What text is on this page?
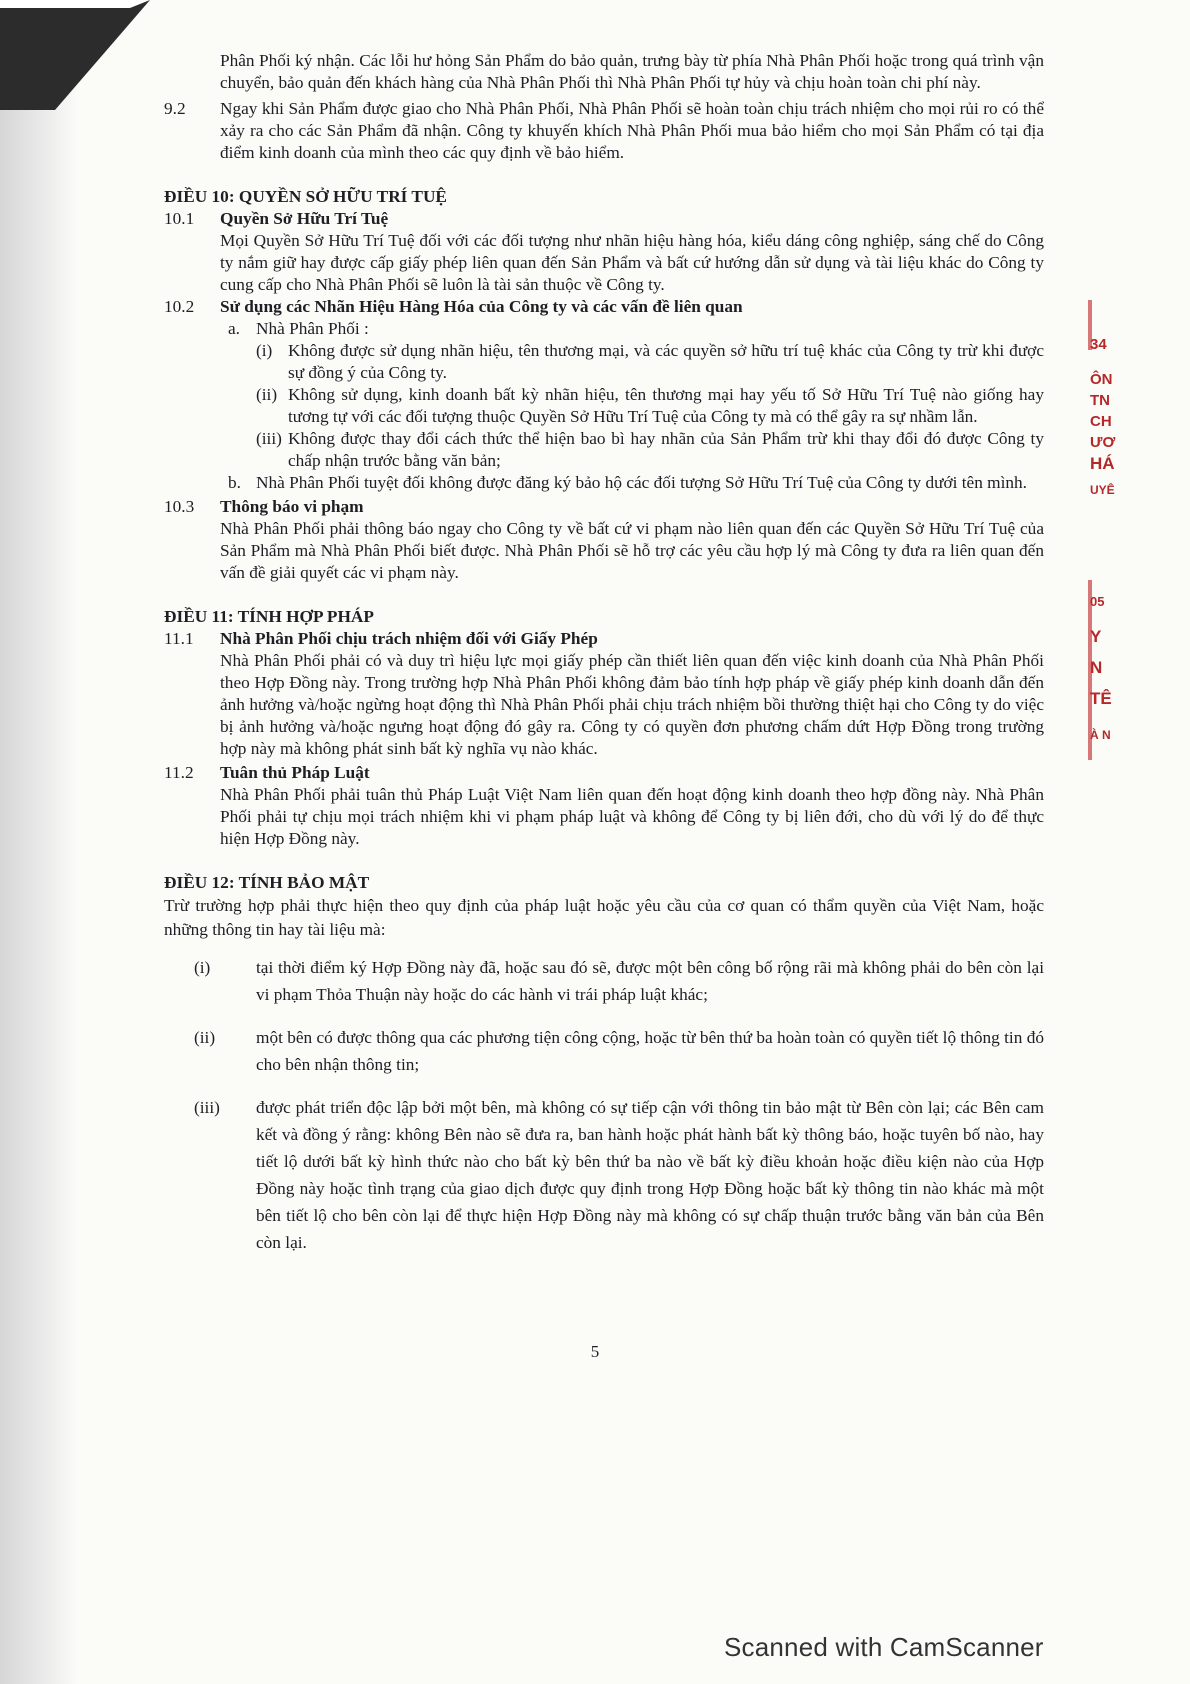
Phân Phối ký nhận. Các lỗi hư hỏng Sản Phẩm do bảo quản, trưng bày từ phía Nhà Phân Phối hoặc trong quá trình vận chuyển, bảo quản đến khách hàng của Nhà Phân Phối thì Nhà Phân Phối tự hủy và chịu hoàn toàn chi phí này.
9.2	Ngay khi Sản Phẩm được giao cho Nhà Phân Phối, Nhà Phân Phối sẽ hoàn toàn chịu trách nhiệm cho mọi rủi ro có thể xảy ra cho các Sản Phẩm đã nhận. Công ty khuyến khích Nhà Phân Phối mua bảo hiểm cho mọi Sản Phẩm có tại địa điểm kinh doanh của mình theo các quy định về bảo hiểm.
ĐIỀU 10: QUYỀN SỞ HỮU TRÍ TUỆ
10.1	Quyền Sở Hữu Trí Tuệ
Mọi Quyền Sở Hữu Trí Tuệ đối với các đối tượng như nhãn hiệu hàng hóa, kiểu dáng công nghiệp, sáng chế do Công ty nắm giữ hay được cấp giấy phép liên quan đến Sản Phẩm và bất cứ hướng dẫn sử dụng và tài liệu khác do Công ty cung cấp cho Nhà Phân Phối sẽ luôn là tài sản thuộc về Công ty.
10.2	Sử dụng các Nhãn Hiệu Hàng Hóa của Công ty và các vấn đề liên quan
a. Nhà Phân Phối :
(i) Không được sử dụng nhãn hiệu, tên thương mại, và các quyền sở hữu trí tuệ khác của Công ty trừ khi được sự đồng ý của Công ty.
(ii) Không sử dụng, kinh doanh bất kỳ nhãn hiệu, tên thương mại hay yếu tố Sở Hữu Trí Tuệ nào giống hay tương tự với các đối tượng thuộc Quyền Sở Hữu Trí Tuệ của Công ty mà có thể gây ra sự nhầm lẫn.
(iii) Không được thay đổi cách thức thể hiện bao bì hay nhãn của Sản Phẩm trừ khi thay đổi đó được Công ty chấp nhận trước bằng văn bản;
b. Nhà Phân Phối tuyệt đối không được đăng ký bảo hộ các đối tượng Sở Hữu Trí Tuệ của Công ty dưới tên mình.
10.3	Thông báo vi phạm
Nhà Phân Phối phải thông báo ngay cho Công ty về bất cứ vi phạm nào liên quan đến các Quyền Sở Hữu Trí Tuệ của Sản Phẩm mà Nhà Phân Phối biết được. Nhà Phân Phối sẽ hỗ trợ các yêu cầu hợp lý mà Công ty đưa ra liên quan đến vấn đề giải quyết các vi phạm này.
ĐIỀU 11: TÍNH HỢP PHÁP
11.1	Nhà Phân Phối chịu trách nhiệm đối với Giấy Phép
Nhà Phân Phối phải có và duy trì hiệu lực mọi giấy phép cần thiết liên quan đến việc kinh doanh của Nhà Phân Phối theo Hợp Đồng này. Trong trường hợp Nhà Phân Phối không đảm bảo tính hợp pháp về giấy phép kinh doanh dẫn đến ảnh hưởng và/hoặc ngừng hoạt động thì Nhà Phân Phối phải chịu trách nhiệm bồi thường thiệt hại cho Công ty do việc bị ảnh hưởng và/hoặc ngưng hoạt động đó gây ra. Công ty có quyền đơn phương chấm dứt Hợp Đồng trong trường hợp này mà không phát sinh bất kỳ nghĩa vụ nào khác.
11.2	Tuân thủ Pháp Luật
Nhà Phân Phối phải tuân thủ Pháp Luật Việt Nam liên quan đến hoạt động kinh doanh theo hợp đồng này. Nhà Phân Phối phải tự chịu mọi trách nhiệm khi vi phạm pháp luật và không để Công ty bị liên đới, cho dù với lý do để thực hiện Hợp Đồng này.
ĐIỀU 12: TÍNH BẢO MẬT
Trừ trường hợp phải thực hiện theo quy định của pháp luật hoặc yêu cầu của cơ quan có thẩm quyền của Việt Nam, hoặc những thông tin hay tài liệu mà:
(i)	tại thời điểm ký Hợp Đồng này đã, hoặc sau đó sẽ, được một bên công bố rộng rãi mà không phải do bên còn lại vi phạm Thỏa Thuận này hoặc do các hành vi trái pháp luật khác;
(ii)	một bên có được thông qua các phương tiện công cộng, hoặc từ bên thứ ba hoàn toàn có quyền tiết lộ thông tin đó cho bên nhận thông tin;
(iii)	được phát triển độc lập bởi một bên, mà không có sự tiếp cận với thông tin bảo mật từ Bên còn lại; các Bên cam kết và đồng ý rằng: không Bên nào sẽ đưa ra, ban hành hoặc phát hành bất kỳ thông báo, hoặc tuyên bố nào, hay tiết lộ dưới bất kỳ hình thức nào cho bất kỳ bên thứ ba nào về bất kỳ điều khoản hoặc điều kiện nào của Hợp Đồng này hoặc tình trạng của giao dịch được quy định trong Hợp Đồng hoặc bất kỳ thông tin nào khác mà một bên tiết lộ cho bên còn lại để thực hiện Hợp Đồng này mà không có sự chấp thuận trước bằng văn bản của Bên còn lại.
34
ÔN
TN
CH
ƯƠ
HÁ
UYÊ
05
Y
N
TÊ
À N
5
Scanned with CamScanner
